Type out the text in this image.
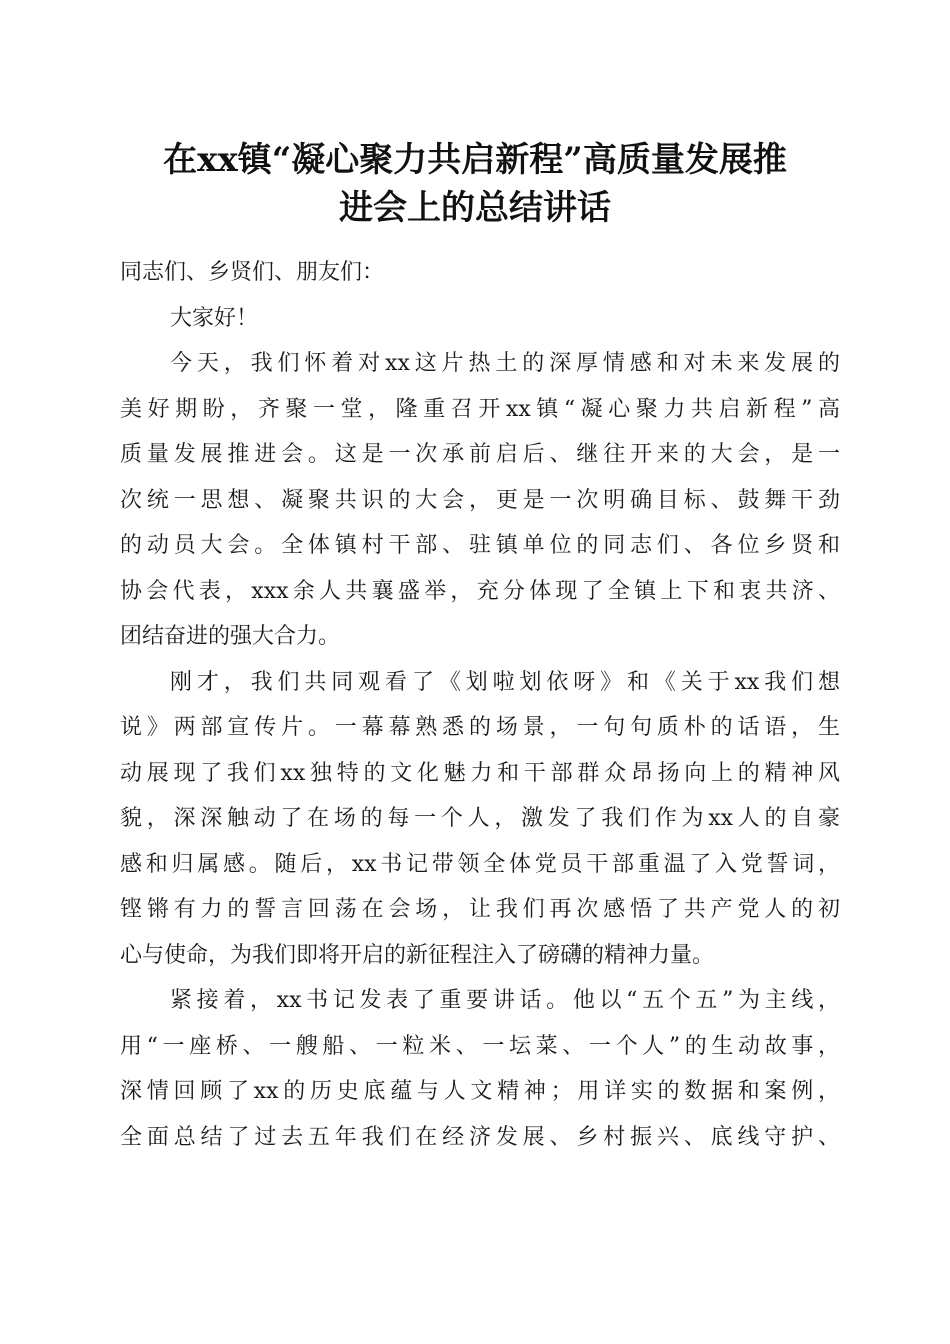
在xx镇“凝心聚力共启新程”高质量发展推
进会上的总结讲话
同志们、乡贤们、朋友们：
大家好！
今天，我们怀着对xx这片热土的深厚情感和对未来发展的
美好期盼，齐聚一堂，隆重召开xx镇“凝心聚力共启新程”高
质量发展推进会。这是一次承前启后、继往开来的大会，是一
次统一思想、凝聚共识的大会，更是一次明确目标、鼓舞干劲
的动员大会。全体镇村干部、驻镇单位的同志们、各位乡贤和
协会代表，xxx余人共襄盛举，充分体现了全镇上下和衷共济、
团结奋进的强大合力。
刚才，我们共同观看了《划啦划依呀》和《关于xx我们想
说》两部宣传片。一幕幕熟悉的场景，一句句质朴的话语，生
动展现了我们xx独特的文化魅力和干部群众昂扬向上的精神风
貌，深深触动了在场的每一个人，激发了我们作为xx人的自豪
感和归属感。随后，xx书记带领全体党员干部重温了入党誓词，
铿锵有力的誓言回荡在会场，让我们再次感悟了共产党人的初
心与使命，为我们即将开启的新征程注入了磅礴的精神力量。
紧接着，xx书记发表了重要讲话。他以“五个五”为主线，
用“一座桥、一艘船、一粒米、一坛菜、一个人”的生动故事，
深情回顾了xx的历史底蕴与人文精神；用详实的数据和案例，
全面总结了过去五年我们在经济发展、乡村振兴、底线守护、
